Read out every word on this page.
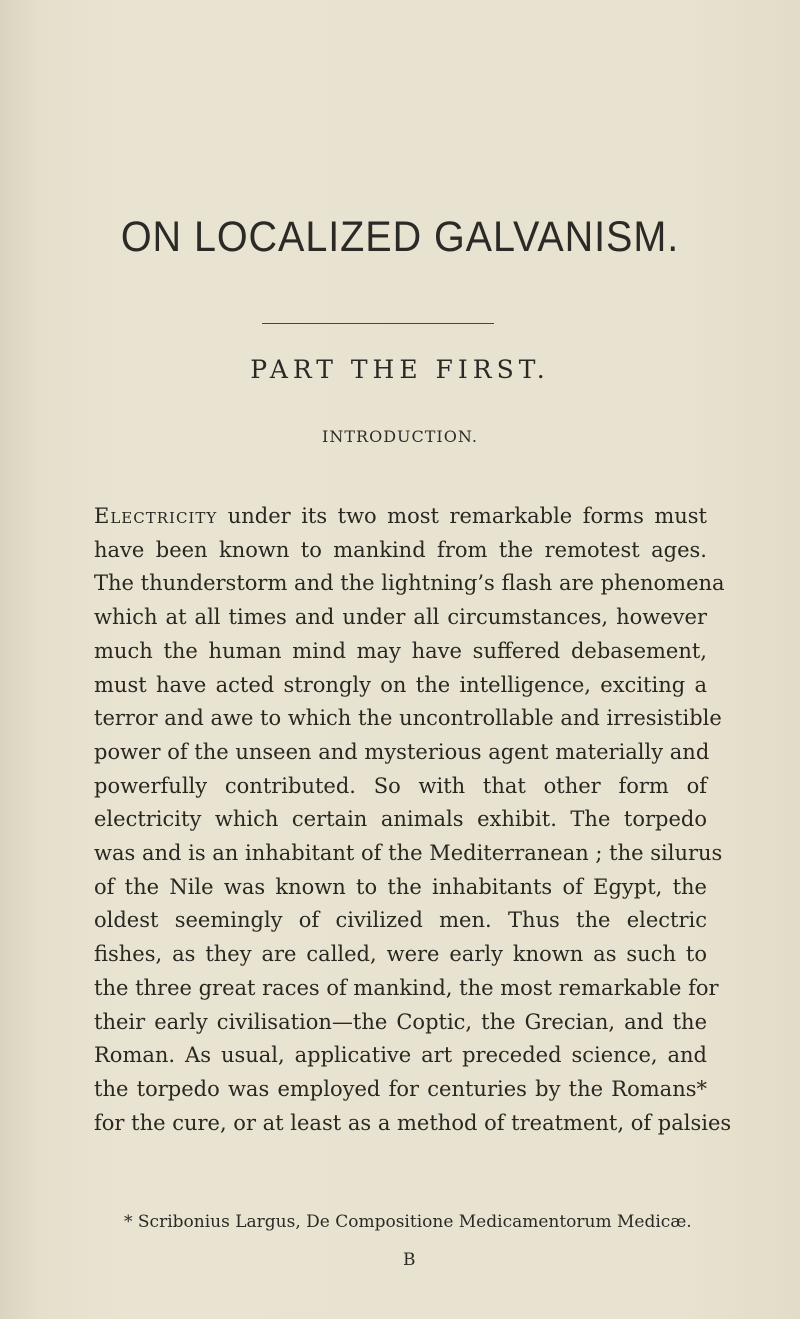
ON LOCALIZED GALVANISM.
PART THE FIRST.
INTRODUCTION.
Electricity under its two most remarkable forms must
have been known to mankind from the remotest ages.
The thunderstorm and the lightning’s flash are phenomena
which at all times and under all circumstances, however
much the human mind may have suffered debasement,
must have acted strongly on the intelligence, exciting a
terror and awe to which the uncontrollable and irresistible
power of the unseen and mysterious agent materially and
powerfully contributed. So with that other form of
electricity which certain animals exhibit. The torpedo
was and is an inhabitant of the Mediterranean ; the silurus
of the Nile was known to the inhabitants of Egypt, the
oldest seemingly of civilized men. Thus the electric
fishes, as they are called, were early known as such to
the three great races of mankind, the most remarkable for
their early civilisation—the Coptic, the Grecian, and the
Roman. As usual, applicative art preceded science, and
the torpedo was employed for centuries by the Romans*
for the cure, or at least as a method of treatment, of palsies
* Scribonius Largus, De Compositione Medicamentorum Medicæ.
B
